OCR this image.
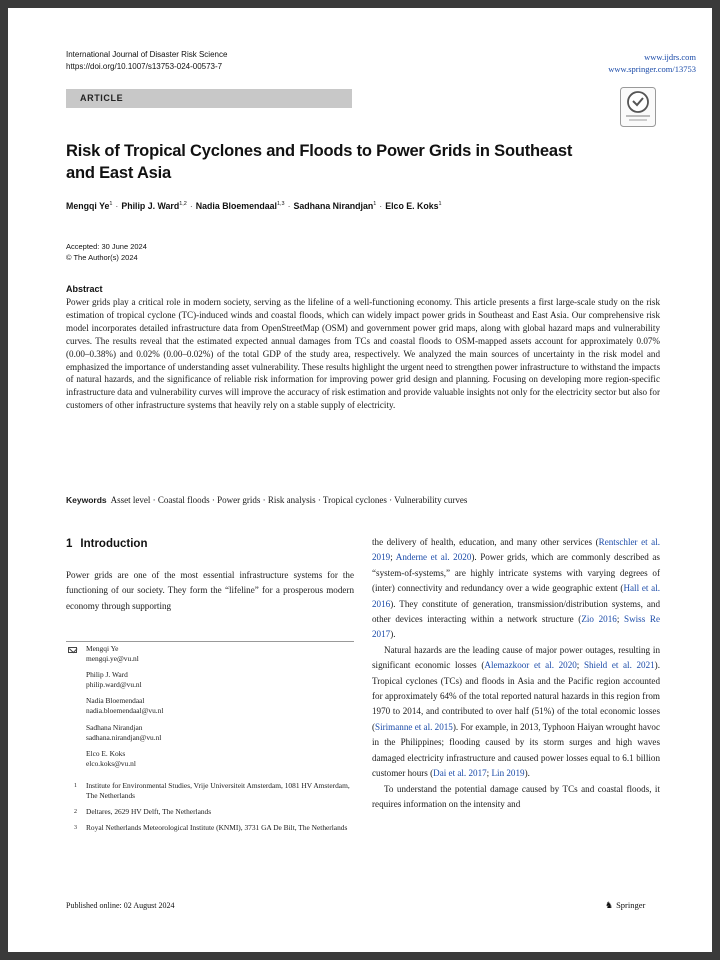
International Journal of Disaster Risk Science
https://doi.org/10.1007/s13753-024-00573-7
www.ijdrs.com
www.springer.com/13753
ARTICLE
Risk of Tropical Cyclones and Floods to Power Grids in Southeast and East Asia
Mengqi $Ye^1$ · Philip J. Ward$^{1,2}$ · Nadia Bloemendaal$^{1,3}$ · Sadhana Nirandjan$^1$ · Elco E. Koks$^1$
Accepted: 30 June 2024
© The Author(s) 2024
Abstract
Power grids play a critical role in modern society, serving as the lifeline of a well-functioning economy. This article presents a first large-scale study on the risk estimation of tropical cyclone (TC)-induced winds and coastal floods, which can widely impact power grids in Southeast and East Asia. Our comprehensive risk model incorporates detailed infrastructure data from OpenStreetMap (OSM) and government power grid maps, along with global hazard maps and vulnerability curves. The results reveal that the estimated expected annual damages from TCs and coastal floods to OSM-mapped assets account for approximately 0.07% (0.00–0.38%) and 0.02% (0.00–0.02%) of the total GDP of the study area, respectively. We analyzed the main sources of uncertainty in the risk model and emphasized the importance of understanding asset vulnerability. These results highlight the urgent need to strengthen power infrastructure to withstand the impacts of natural hazards, and the significance of reliable risk information for improving power grid design and planning. Focusing on developing more region-specific infrastructure data and vulnerability curves will improve the accuracy of risk estimation and provide valuable insights not only for the electricity sector but also for customers of other infrastructure systems that heavily rely on a stable supply of electricity.
Keywords Asset level · Coastal floods · Power grids · Risk analysis · Tropical cyclones · Vulnerability curves
1 Introduction

Power grids are one of the most essential infrastructure systems for the functioning of our society. They form the “lifeline” for a prosperous modern economy through supporting

Mengqi Ye
mengqi.ye@vu.nl
Philip J. Ward
philip.ward@vu.nl
Nadia Bloemendaal
nadia.bloemendaal@vu.nl
Sadhana Nirandjan
sadhana.nirandjan@vu.nl
Elco E. Koks
elco.koks@vu.nl
1 Institute for Environmental Studies, Vrije Universiteit Amsterdam, 1081 HV Amsterdam, The Netherlands
2 Deltares, 2629 HV Delft, The Netherlands
3 Royal Netherlands Meteorological Institute (KNMI), 3731 GA De Bilt, The Netherlands

the delivery of health, education, and many other services (Rentschler et al. 2019; Anderne et al. 2020). Power grids, which are commonly described as “system-of-systems,” are highly intricate systems with varying degrees of (inter) connectivity and redundancy over a wide geographic extent (Hall et al. 2016). They constitute of generation, transmission/distribution systems, and other devices interacting within a network structure (Zio 2016; Swiss Re 2017).

Natural hazards are the leading cause of major power outages, resulting in significant economic losses (Alemazkoor et al. 2020; Shield et al. 2021). Tropical cyclones (TCs) and floods in Asia and the Pacific region accounted for approximately 64% of the total reported natural hazards in this region from 1970 to 2014, and contributed to over half (51%) of the total economic losses (Sirimanne et al. 2015). For example, in 2013, Typhoon Haiyan wrought havoc in the Philippines; flooding caused by its storm surges and high waves damaged electricity infrastructure and caused power losses equal to 6.1 billion customer hours (Dai et al. 2017; Lin 2019).

To understand the potential damage caused by TCs and coastal floods, it requires information on the intensity and

Published online: 02 August 2024	♞ Springer
